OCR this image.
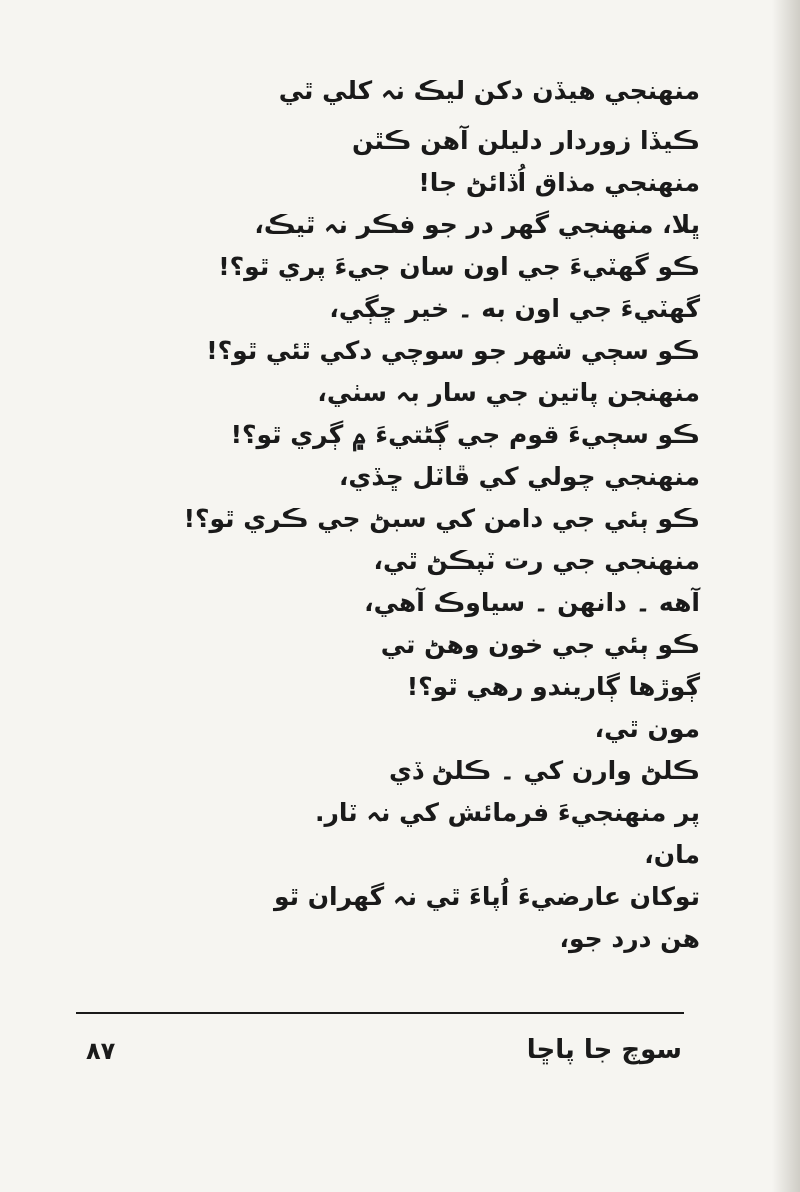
منهنجي هيڏن دکن ليڪ نہ کلي ٿي
ڪيڏا زوردار دليلن آهن ڪٿن
منهنجي مذاق اُڏائڻ جا!
ڀلا، منهنجي گهر در جو فڪر نہ ٿيڪ،
ڪو گهٽيءَ جي اون سان جيءَ پري ٿو؟!
گهٽيءَ جي اون به ۔ خير ڇڳي،
ڪو سڄي شهر جو سوچي دکي ٿئي ٿو؟!
منهنجن پاتين جي سار بہ سٺي،
ڪو سڄيءَ قوم جي ڳڻتيءَ ۾ ڳري ٿو؟!
منهنجي چولي کي ڦاٽل ڇڏي،
ڪو ٻئي جي دامن کي سبڻ جي ڪري ٿو؟!
منهنجي جي رت ٽپڪڻ ٿي،
آهه ۔ دانهن ۔ سياوڪ آهي،
ڪو ٻئي جي خون وهڻ تي
ڳوڙها ڳاريندو رهي ٿو؟!
مون ٿي،
ڪلڻ وارن کي ۔ ڪلڻ ڏي
پر منهنجيءَ فرمائش کي نہ ٽار.
مان،
توکان عارضيءَ اُپاءَ ٿي نہ گهران ٿو
هن درد جو،
سوچ جا پاڇا
٨٧
